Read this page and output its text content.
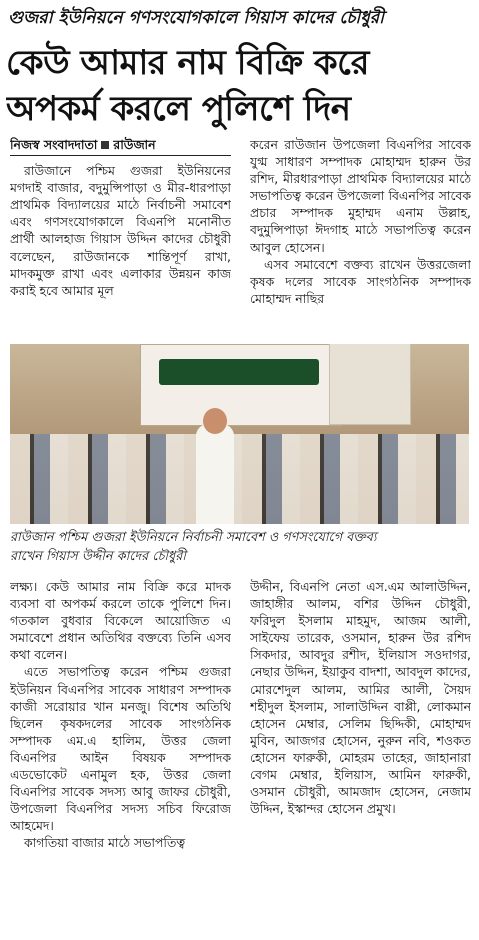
গুজরা ইউনিয়নে গণসংযোগকালে গিয়াস কাদের চৌধুরী
কেউ আমার নাম বিক্রি করে
অপকর্ম করলে পুলিশে দিন
নিজস্ব সংবাদদাতা রাউজান

রাউজানে পশ্চিম গুজরা ইউনিয়নের মগদাই বাজার, বদুমুন্সিপাড়া ও মীর-ধারপাড়া প্রাথমিক বিদ্যালয়ের মাঠে নির্বাচনী সমাবেশ এবং গণসংযোগকালে বিএনপি মনোনীত প্রার্থী আলহাজ গিয়াস উদ্দিন কাদের চৌধুরী বলেছেন, রাউজানকে শান্তিপূর্ণ রাখা, মাদকমুক্ত রাখা এবং এলাকার উন্নয়ন কাজ করাই হবে আমার মূল

করেন রাউজান উপজেলা বিএনপির সাবেক যুগ্ম সাধারণ সম্পাদক মোহাম্মদ হারুন উর রশিদ, মীরধারপাড়া প্রাথমিক বিদ্যালয়ের মাঠে সভাপতিত্ব করেন উপজেলা বিএনপির সাবেক প্রচার সম্পাদক মুহাম্মদ এনাম উল্লাহ, বদুমুন্সিপাড়া ঈদগাহ মাঠে সভাপতিত্ব করেন আবুল হোসেন।

এসব সমাবেশে বক্তব্য রাখেন উত্তরজেলা কৃষক দলের সাবেক সাংগঠনিক সম্পাদক মোহাম্মদ নাছির

রাউজান পশ্চিম গুজরা ইউনিয়নে নির্বাচনী সমাবেশ ও গণসংযোগে বক্তব্য
রাখেন গিয়াস উদ্দীন কাদের চৌধুরী

লক্ষ্য। কেউ আমার নাম বিক্রি করে মাদক ব্যবসা বা অপকর্ম করলে তাকে পুলিশে দিন। গতকাল বুধবার বিকেলে আয়োজিত এ সমাবেশে প্রধান অতিথির বক্তব্যে তিনি এসব কথা বলেন।

এতে সভাপতিত্ব করেন পশ্চিম গুজরা ইউনিয়ন বিএনপির সাবেক সাধারণ সম্পাদক কাজী সরোয়ার খান মনজু। বিশেষ অতিথি ছিলেন কৃষকদলের সাবেক সাংগঠনিক সম্পাদক এম.এ হালিম, উত্তর জেলা বিএনপির আইন বিষয়ক সম্পাদক এডভোকেট এনামুল হক, উত্তর জেলা বিএনপির সাবেক সদস্য আবু জাফর চৌধুরী, উপজেলা বিএনপির সদস্য সচিব ফিরোজ আহমেদ।

কাগতিয়া বাজার মাঠে সভাপতিত্ব

উদ্দীন, বিএনপি নেতা এস.এম আলাউদ্দিন, জাহাঙ্গীর আলম, বশির উদ্দিন চৌধুরী, ফরিদুল ইসলাম মাহমুদ, আজম আলী, সাইফেয় তারেক, ওসমান, হারুন উর রশিদ সিকদার, আবদুর রশীদ, ইলিয়াস সওদাগর, নেছার উদ্দিন, ইয়াকুব বাদশা, আবদুল কাদের, মোরশেদুল আলম, আমির আলী, সৈয়দ শহীদুল ইসলাম, সালাউদ্দিন বাপ্পী, লোকমান হোসেন মেম্বার, সেলিম ছিদ্দিকী, মোহাম্মদ মুবিন, আজগর হোসেন, নুরুন নবি, শওকত হোসেন ফারুকী, মোহরম তাহের, জাহানারা বেগম মেম্বার, ইলিয়াস, আমিন ফারুকী, ওসমান চৌধুরী, আমজাদ হোসেন, নেজাম উদ্দিন, ইস্কান্দর হোসেন প্রমুখ।
